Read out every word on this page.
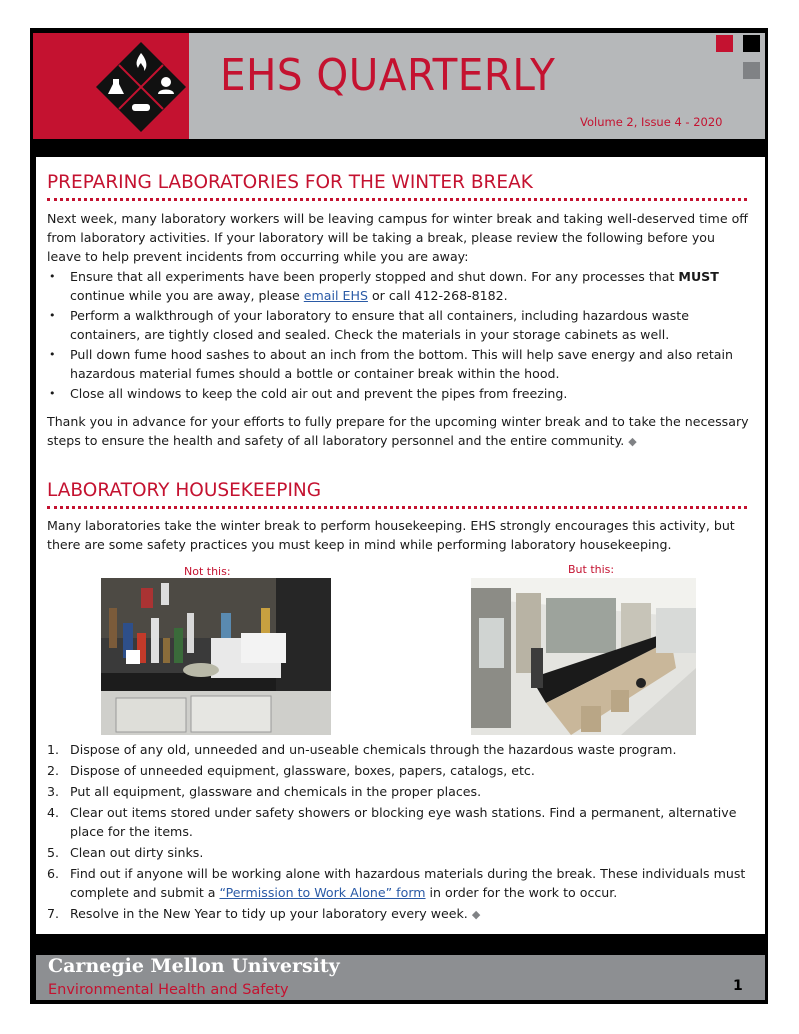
EHS QUARTERLY
Volume 2, Issue 4 - 2020
PREPARING LABORATORIES FOR THE WINTER BREAK

Next week, many laboratory workers will be leaving campus for winter break and taking well-deserved time off from laboratory activities. If your laboratory will be taking a break, please review the following before you leave to help prevent incidents from occurring while you are away:

• Ensure that all experiments have been properly stopped and shut down. For any processes that MUST continue while you are away, please email EHS or call 412-268-8182.
• Perform a walkthrough of your laboratory to ensure that all containers, including hazardous waste containers, are tightly closed and sealed. Check the materials in your storage cabinets as well.
• Pull down fume hood sashes to about an inch from the bottom. This will help save energy and also retain hazardous material fumes should a bottle or container break within the hood.
• Close all windows to keep the cold air out and prevent the pipes from freezing.

Thank you in advance for your efforts to fully prepare for the upcoming winter break and to take the necessary steps to ensure the health and safety of all laboratory personnel and the entire community. ◆

LABORATORY HOUSEKEEPING

Many laboratories take the winter break to perform housekeeping. EHS strongly encourages this activity, but there are some safety practices you must keep in mind while performing laboratory housekeeping.

Not this:	But this:
1. Dispose of any old, unneeded and un-useable chemicals through the hazardous waste program.
2. Dispose of unneeded equipment, glassware, boxes, papers, catalogs, etc.
3. Put all equipment, glassware and chemicals in the proper places.
4. Clear out items stored under safety showers or blocking eye wash stations. Find a permanent, alternative place for the items.
5. Clean out dirty sinks.
6. Find out if anyone will be working alone with hazardous materials during the break. These individuals must complete and submit a “Permission to Work Alone” form in order for the work to occur.
7. Resolve in the New Year to tidy up your laboratory every week. ◆
Carnegie Mellon University
Environmental Health and Safety	1
